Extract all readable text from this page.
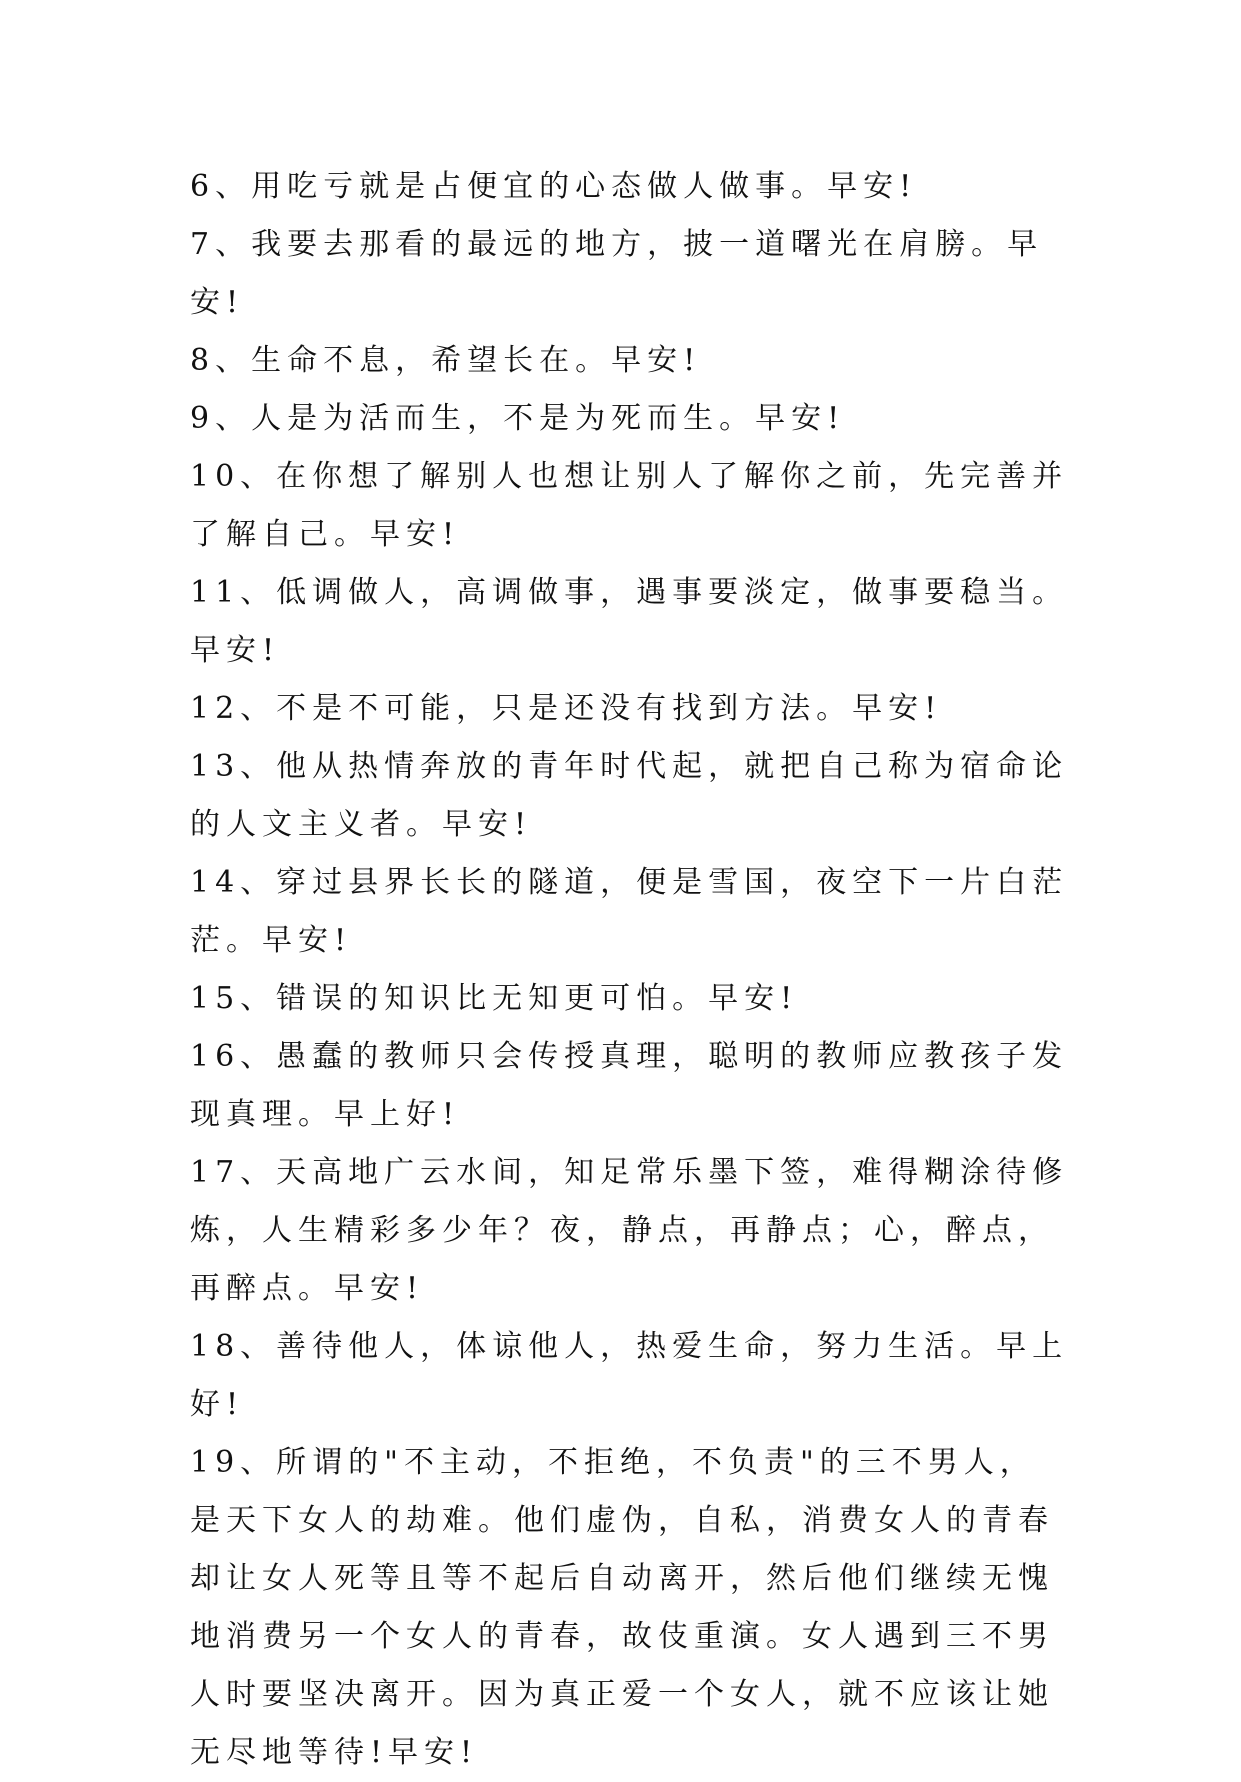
6、用吃亏就是占便宜的心态做人做事。早安!

7、我要去那看的最远的地方，披一道曙光在肩膀。早安!

8、生命不息，希望长在。早安!

9、人是为活而生，不是为死而生。早安!

10、在你想了解别人也想让别人了解你之前，先完善并了解自己。早安!

11、低调做人，高调做事，遇事要淡定，做事要稳当。早安!

12、不是不可能，只是还没有找到方法。早安!

13、他从热情奔放的青年时代起，就把自己称为宿命论的人文主义者。早安!

14、穿过县界长长的隧道，便是雪国，夜空下一片白茫茫。早安!

15、错误的知识比无知更可怕。早安!

16、愚蠢的教师只会传授真理，聪明的教师应教孩子发现真理。早上好!

17、天高地广云水间，知足常乐墨下签，难得糊涂待修炼，人生精彩多少年？夜，静点，再静点；心，醉点，再醉点。早安!

18、善待他人，体谅他人，热爱生命，努力生活。早上好!

19、所谓的"不主动，不拒绝，不负责"的三不男人，是天下女人的劫难。他们虚伪，自私，消费女人的青春却让女人死等且等不起后自动离开，然后他们继续无愧地消费另一个女人的青春，故伎重演。女人遇到三不男人时要坚决离开。因为真正爱一个女人，就不应该让她无尽地等待!早安!
